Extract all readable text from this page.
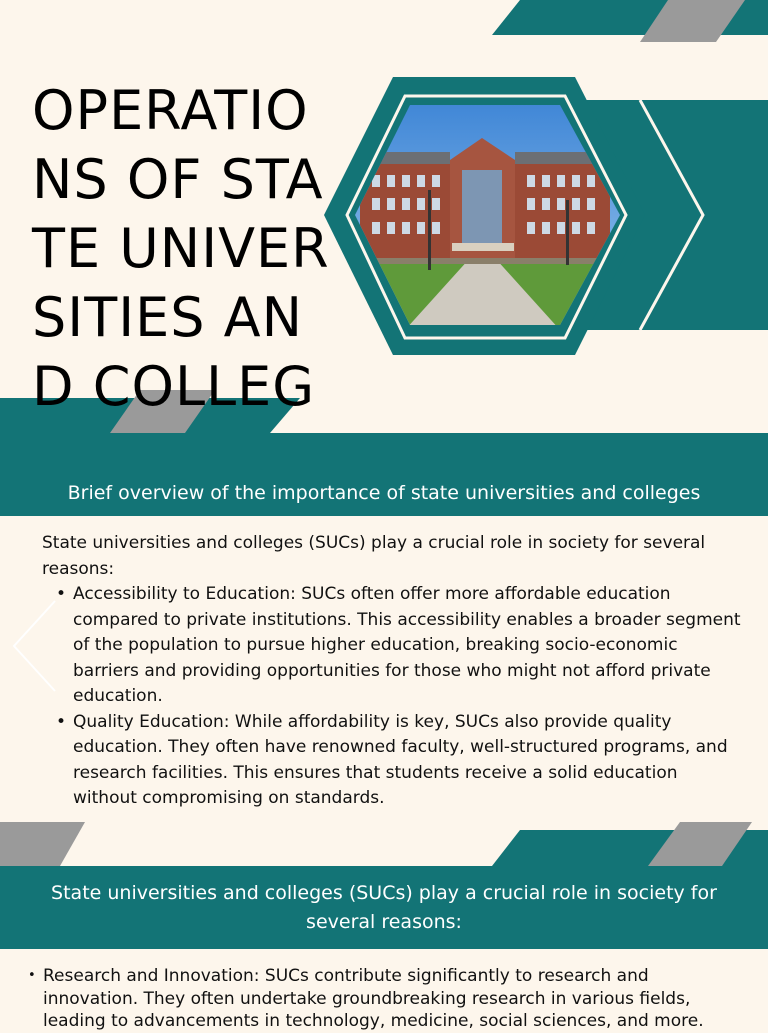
OPERATIONS OF STATE UNIVERSITIES AND COLLEG
Brief overview of the importance of state universities and colleges

State universities and colleges (SUCs) play a crucial role in society for several reasons:

• Accessibility to Education: SUCs often offer more affordable education compared to private institutions. This accessibility enables a broader segment of the population to pursue higher education, breaking socio-economic barriers and providing opportunities for those who might not afford private education.
• Quality Education: While affordability is key, SUCs also provide quality education. They often have renowned faculty, well-structured programs, and research facilities. This ensures that students receive a solid education without compromising on standards.
State universities and colleges (SUCs) play a crucial role in society for several reasons:
• Research and Innovation: SUCs contribute significantly to research and innovation. They often undertake groundbreaking research in various fields, leading to advancements in technology, medicine, social sciences, and more.
